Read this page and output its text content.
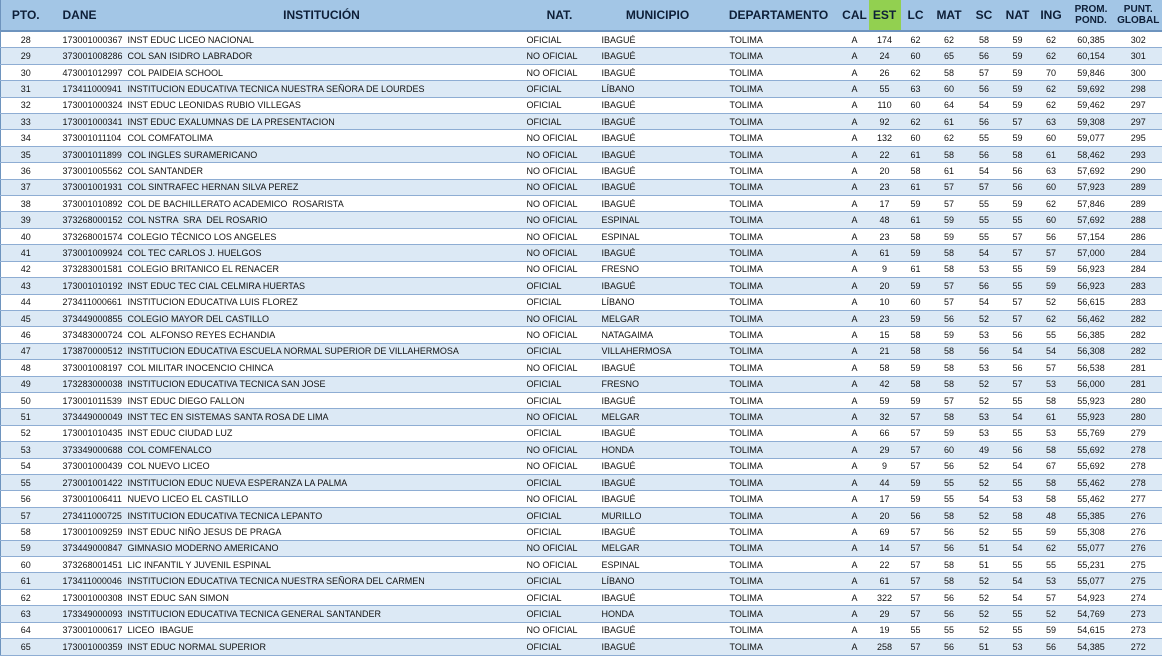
PTO.	DANE	INSTITUCIÓN	NAT.	MUNICIPIO	DEPARTAMENTO	CAL	EST	LC	MAT	SC	NAT	ING	PROM. POND.	PUNT. GLOBAL
28	173001000367	INST EDUC LICEO NACIONAL	OFICIAL	IBAGUÉ	TOLIMA	A	174	62	62	58	59	62	60,385	302
29	373001008286	COL SAN ISIDRO LABRADOR	NO OFICIAL	IBAGUÉ	TOLIMA	A	24	60	65	56	59	62	60,154	301
30	473001012997	COL PAIDEIA SCHOOL	NO OFICIAL	IBAGUÉ	TOLIMA	A	26	62	58	57	59	70	59,846	300
31	173411000941	INSTITUCION EDUCATIVA TECNICA NUESTRA SEÑORA DE LOURDES	OFICIAL	LÍBANO	TOLIMA	A	55	63	60	56	59	62	59,692	298
32	173001000324	INST EDUC LEONIDAS RUBIO VILLEGAS	OFICIAL	IBAGUÉ	TOLIMA	A	110	60	64	54	59	62	59,462	297
33	173001000341	INST EDUC EXALUMNAS DE LA PRESENTACION	OFICIAL	IBAGUÉ	TOLIMA	A	92	62	61	56	57	63	59,308	297
34	373001011104	COL COMFATOLIMA	NO OFICIAL	IBAGUÉ	TOLIMA	A	132	60	62	55	59	60	59,077	295
35	373001011899	COL INGLES SURAMERICANO	NO OFICIAL	IBAGUÉ	TOLIMA	A	22	61	58	56	58	61	58,462	293
36	373001005562	COL SANTANDER	NO OFICIAL	IBAGUÉ	TOLIMA	A	20	58	61	54	56	63	57,692	290
37	373001001931	COL SINTRAFEC HERNAN SILVA PEREZ	NO OFICIAL	IBAGUÉ	TOLIMA	A	23	61	57	57	56	60	57,923	289
38	373001010892	COL DE BACHILLERATO ACADEMICO  ROSARISTA	NO OFICIAL	IBAGUÉ	TOLIMA	A	17	59	57	55	59	62	57,846	289
39	373268000152	COL NSTRA  SRA  DEL ROSARIO	NO OFICIAL	ESPINAL	TOLIMA	A	48	61	59	55	55	60	57,692	288
40	373268001574	COLEGIO TÉCNICO LOS ANGELES	NO OFICIAL	ESPINAL	TOLIMA	A	23	58	59	55	57	56	57,154	286
41	373001009924	COL TEC CARLOS J. HUELGOS	NO OFICIAL	IBAGUÉ	TOLIMA	A	61	59	58	54	57	57	57,000	284
42	373283001581	COLEGIO BRITANICO EL RENACER	NO OFICIAL	FRESNO	TOLIMA	A	9	61	58	53	55	59	56,923	284
43	173001010192	INST EDUC TEC CIAL CELMIRA HUERTAS	OFICIAL	IBAGUÉ	TOLIMA	A	20	59	57	56	55	59	56,923	283
44	273411000661	INSTITUCION EDUCATIVA LUIS FLOREZ	OFICIAL	LÍBANO	TOLIMA	A	10	60	57	54	57	52	56,615	283
45	373449000855	COLEGIO MAYOR DEL CASTILLO	NO OFICIAL	MELGAR	TOLIMA	A	23	59	56	52	57	62	56,462	282
46	373483000724	COL  ALFONSO REYES ECHANDIA	NO OFICIAL	NATAGAIMA	TOLIMA	A	15	58	59	53	56	55	56,385	282
47	173870000512	INSTITUCION EDUCATIVA ESCUELA NORMAL SUPERIOR DE VILLAHERMOSA	OFICIAL	VILLAHERMOSA	TOLIMA	A	21	58	58	56	54	54	56,308	282
48	373001008197	COL MILITAR INOCENCIO CHINCA	NO OFICIAL	IBAGUÉ	TOLIMA	A	58	59	58	53	56	57	56,538	281
49	173283000038	INSTITUCION EDUCATIVA TECNICA SAN JOSE	OFICIAL	FRESNO	TOLIMA	A	42	58	58	52	57	53	56,000	281
50	173001011539	INST EDUC DIEGO FALLON	OFICIAL	IBAGUÉ	TOLIMA	A	59	59	57	52	55	58	55,923	280
51	373449000049	INST TEC EN SISTEMAS SANTA ROSA DE LIMA	NO OFICIAL	MELGAR	TOLIMA	A	32	57	58	53	54	61	55,923	280
52	173001010435	INST EDUC CIUDAD LUZ	OFICIAL	IBAGUÉ	TOLIMA	A	66	57	59	53	55	53	55,769	279
53	373349000688	COL COMFENALCO	NO OFICIAL	HONDA	TOLIMA	A	29	57	60	49	56	58	55,692	278
54	373001000439	COL NUEVO LICEO	NO OFICIAL	IBAGUÉ	TOLIMA	A	9	57	56	52	54	67	55,692	278
55	273001001422	INSTITUCION EDUC NUEVA ESPERANZA LA PALMA	OFICIAL	IBAGUÉ	TOLIMA	A	44	59	55	52	55	58	55,462	278
56	373001006411	NUEVO LICEO EL CASTILLO	NO OFICIAL	IBAGUÉ	TOLIMA	A	17	59	55	54	53	58	55,462	277
57	273411000725	INSTITUCION EDUCATIVA TECNICA LEPANTO	OFICIAL	MURILLO	TOLIMA	A	20	56	58	52	58	48	55,385	276
58	173001009259	INST EDUC NIÑO JESUS DE PRAGA	OFICIAL	IBAGUÉ	TOLIMA	A	69	57	56	52	55	59	55,308	276
59	373449000847	GIMNASIO MODERNO AMERICANO	NO OFICIAL	MELGAR	TOLIMA	A	14	57	56	51	54	62	55,077	276
60	373268001451	LIC INFANTIL Y JUVENIL ESPINAL	NO OFICIAL	ESPINAL	TOLIMA	A	22	57	58	51	55	55	55,231	275
61	173411000046	INSTITUCION EDUCATIVA TECNICA NUESTRA SEÑORA DEL CARMEN	OFICIAL	LÍBANO	TOLIMA	A	61	57	58	52	54	53	55,077	275
62	173001000308	INST EDUC SAN SIMON	OFICIAL	IBAGUÉ	TOLIMA	A	322	57	56	52	54	57	54,923	274
63	173349000093	INSTITUCION EDUCATIVA TECNICA GENERAL SANTANDER	OFICIAL	HONDA	TOLIMA	A	29	57	56	52	55	52	54,769	273
64	373001000617	LICEO  IBAGUE	NO OFICIAL	IBAGUÉ	TOLIMA	A	19	55	55	52	55	59	54,615	273
65	173001000359	INST EDUC NORMAL SUPERIOR	OFICIAL	IBAGUÉ	TOLIMA	A	258	57	56	51	53	56	54,385	272
